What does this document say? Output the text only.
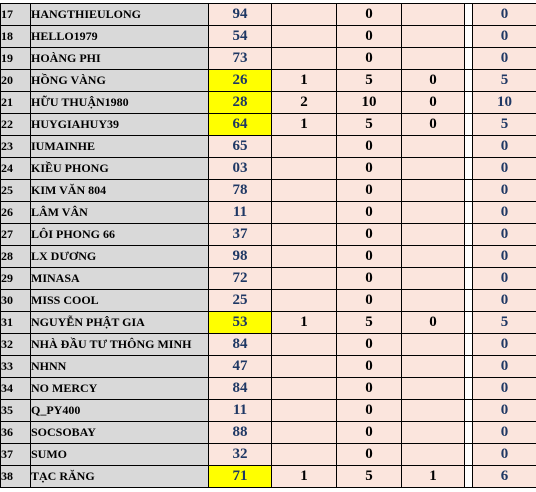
17	HANGTHIEULONG	94		0			0
18	HELLO1979	54		0			0
19	HOÀNG PHI	73		0			0
20	HỒNG VÀNG	26	1	5	0		5
21	HỮU THUẬN1980	28	2	10	0		10
22	HUYGIAHUY39	64	1	5	0		5
23	IUMAINHE	65		0			0
24	KIỀU PHONG	03		0			0
25	KIM VĂN 804	78		0			0
26	LÂM VÂN	11		0			0
27	LÔI PHONG 66	37		0			0
28	LX DƯƠNG	98		0			0
29	MINASA	72		0			0
30	MISS COOL	25		0			0
31	NGUYỄN PHẬT GIA	53	1	5	0		5
32	NHÀ ĐẦU TƯ THÔNG MINH	84		0			0
33	NHNN	47		0			0
34	NO MERCY	84		0			0
35	Q_PY400	11		0			0
36	SOCSOBAY	88		0			0
37	SUMO	32		0			0
38	TẠC RĂNG	71	1	5	1		6
